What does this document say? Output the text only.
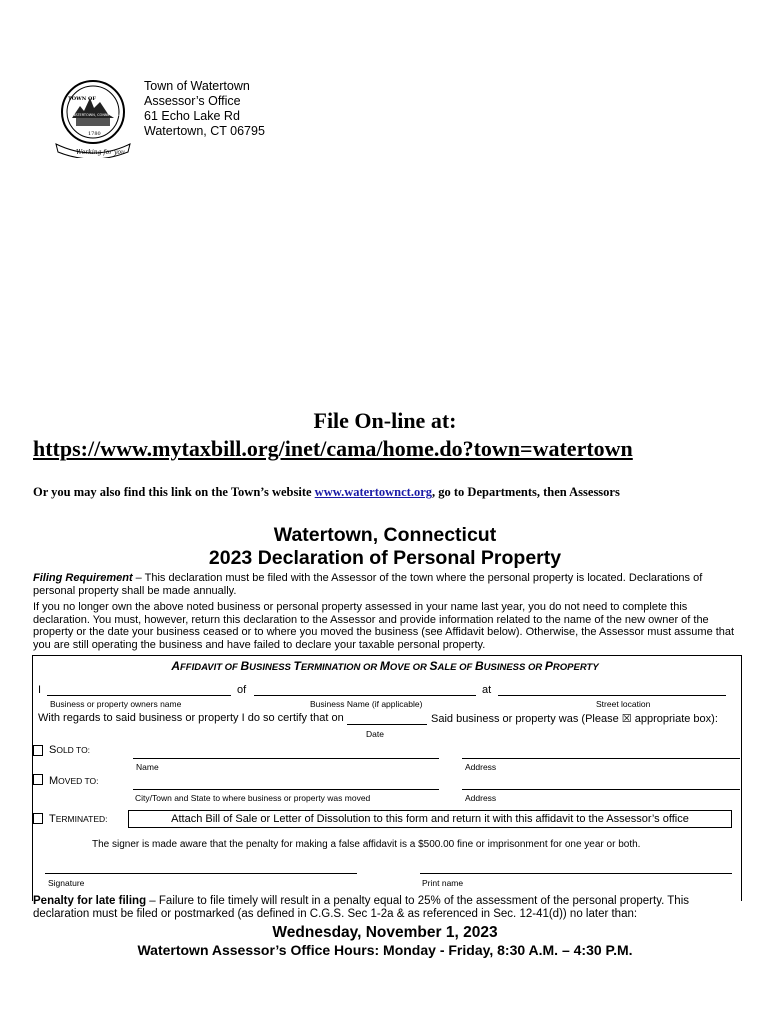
TOWN OF
WATERTOWN, CONNECTICUT
1780
Working for you
Town of Watertown
Assessor’s Office
61 Echo Lake Rd
Watertown, CT 06795
File On-line at:
https://www.mytaxbill.org/inet/cama/home.do?town=watertown
Or you may also find this link on the Town’s website www.watertownct.org, go to Departments, then Assessors
Watertown, Connecticut
2023 Declaration of Personal Property
Filing Requirement – This declaration must be filed with the Assessor of the town where the personal property is located. Declarations of personal property shall be made annually.
If you no longer own the above noted business or personal property assessed in your name last year, you do not need to complete this declaration. You must, however, return this declaration to the Assessor and provide information related to the name of the new owner of the property or the date your business ceased or to where you moved the business (see Affidavit below). Otherwise, the Assessor must assume that you are still operating the business and have failed to declare your taxable personal property.
AFFIDAVIT OF BUSINESS TERMINATION OR MOVE OR SALE OF BUSINESS OR PROPERTY
I	of	at
Business or property owners name	Business Name (if applicable)	Street location
With regards to said business or property I do so certify that on	Said business or property was (Please ☒ appropriate box):
Date
SOLD TO:
Name	Address
MOVED TO:
City/Town and State to where business or property was moved	Address
TERMINATED:	Attach Bill of Sale or Letter of Dissolution to this form and return it with this affidavit to the Assessor’s office
The signer is made aware that the penalty for making a false affidavit is a $500.00 fine or imprisonment for one year or both.
Signature	Print name
Penalty for late filing – Failure to file timely will result in a penalty equal to 25% of the assessment of the personal property. This declaration must be filed or postmarked (as defined in C.G.S. Sec 1-2a & as referenced in Sec. 12-41(d)) no later than:
Wednesday, November 1, 2023
Watertown Assessor’s Office Hours: Monday - Friday, 8:30 A.M. – 4:30 P.M.
